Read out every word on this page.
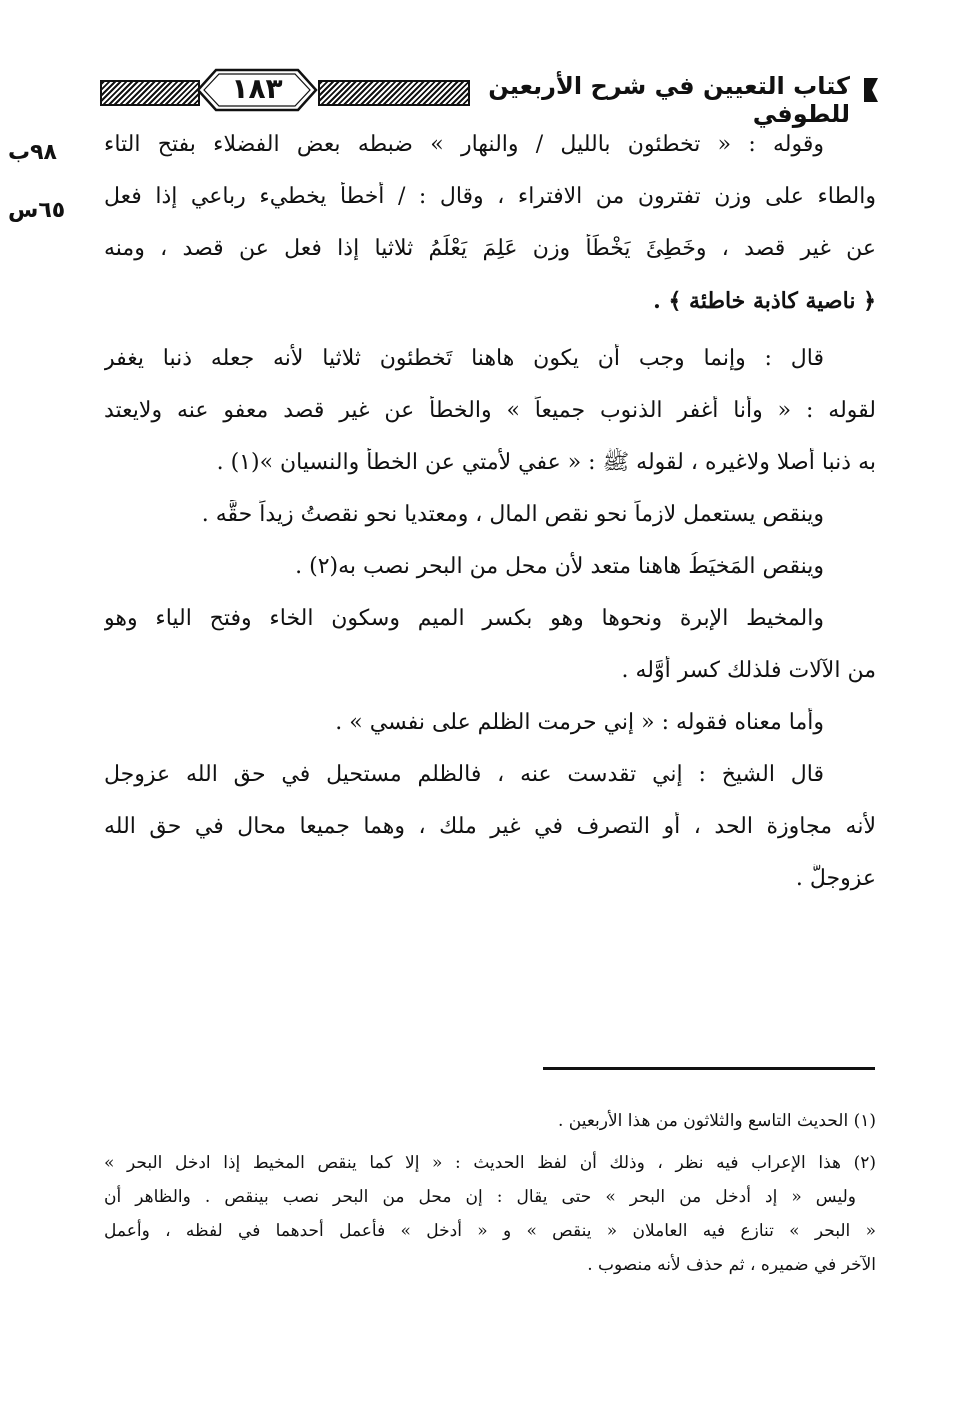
١٨٣	كتاب التعيين في شرح الأربعين للطوفي
٩٨ب
٦٥س
وقوله : « تخطئون بالليل / والنهار » ضبطه بعض الفضلاء بفتح التاء
والطاء على وزن تفترون من الافتراء ، وقال : / أخطأ يخطيء رباعي إذا فعل
عن غير قصد ، وخَطِئَ يَخْطَأُ وزن عَلِمَ يَعْلَمُ ثلاثيا إذا فعل عن قصد ، ومنه
﴿ ناصية كاذبة خاطئة ﴾ .
قال : وإنما وجب أن يكون هاهنا تَخطئون ثلاثيا لأنه جعله ذنبا يغفر
لقوله : « وأنا أغفر الذنوب جميعاً » والخطأ عن غير قصد معفو عنه ولايعتد
به ذنبا أصلا ولاغيره ، لقوله ﷺ : « عفي لأمتي عن الخطأ والنسيان »(١) .
وينقص يستعمل لازماً نحو نقص المال ، ومعتديا نحو نقصتُ زيداً حقَّه .
وينقص المَخيَطُ هاهنا متعد لأن محل من البحر نصب به(٢) .
والمخيط الإبرة ونحوها وهو بكسر الميم وسكون الخاء وفتح الياء وهو
من الآلات فلذلك كسر أوَّله .
وأما معناه فقوله : « إني حرمت الظلم على نفسي » .
قال الشيخ : إني تقدست عنه ، فالظلم مستحيل في حق الله عزوجل
لأنه مجاوزة الحد ، أو التصرف في غير ملك ، وهما جميعا محال في حق الله
عزوجلَّ .
(١) الحديث التاسع والثلاثون من هذا الأربعين .
(٢) هذا الإعراب فيه نظر ، وذلك أن لفظ الحديث : « إلا كما ينقص المخيط إذا ادخل البحر »
وليس « إد أدخل من البحر » حتى يقال : إن محل من البحر نصب بينقص . والظاهر أن
« البحر » تنازع فيه العاملان « ينقص » و « أدخل » فأعمل أحدهما في لفظه ، وأعمل
الآخر في ضميره ، ثم حذف لأنه منصوب .
